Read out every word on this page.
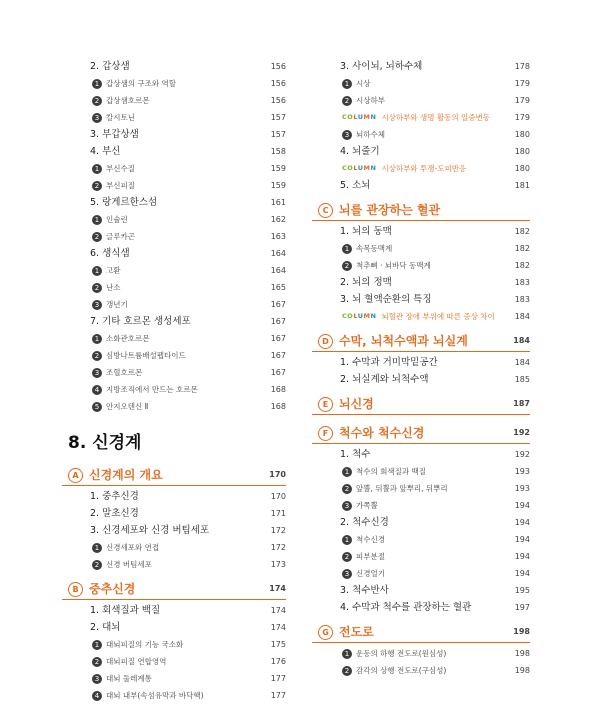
2. 갑상샘	156
1 갑상샘의 구조와 역할	156
2 갑상샘호르몬	156
3 칼시토닌	157
3. 부갑상샘	157
4. 부신	158
1 부신수질	159
2 부신피질	159
5. 랑게르한스섬	161
1 인슐린	162
2 글루카곤	163
6. 생식샘	164
1 고환	164
2 난소	165
3 갱년기	167
7. 기타 호르몬 생성세포	167
1 소화관호르몬	167
2 심방나트륨배설펩타이드	167
3 조혈호르몬	167
4 지방조직에서 만드는 호르몬	168
5 안지오텐신 Ⅱ	168
8. 신경계
A 신경계의 개요	170
1. 중추신경	170
2. 말초신경	171
3. 신경세포와 신경 버팀세포	172
1 신경세포와 연접	172
2 신경 버팀세포	173
B 중추신경	174
1. 회색질과 백질	174
2. 대뇌	174
1 대뇌피질의 기능 국소화	175
2 대뇌피질 연합영역	176
3 대뇌 둘레계통	177
4 대뇌 내부(속섬유막과 바닥핵)	177
3. 사이뇌, 뇌하수체	178
1 시상	179
2 시상하부	179
COLUMN 시상하부와 생명 활동의 일중변동	179
3 뇌하수체	180
4. 뇌줄기	180
COLUMN 시상하부와 투쟁-도피반응	180
5. 소뇌	181
C 뇌를 관장하는 혈관
1. 뇌의 동맥	182
1 속목동맥계	182
2 척추뼈 · 뇌바닥 동맥계	182
2. 뇌의 정맥	183
3. 뇌 혈액순환의 특징	183
COLUMN 뇌혈관 장애 부위에 따른 증상 차이 184
D 수막, 뇌척수액과 뇌실계	184
1. 수막과 거미막밑공간	184
2. 뇌실계와 뇌척수액	185
E 뇌신경	187
F 척수와 척수신경	192
1. 척수	192
1 척수의 회색질과 백질	193
2 앞뿔, 뒤뿔과 앞뿌리, 뒤뿌리	193
3 가쪽뿔	194
2. 척수신경	194
1 척수신경	194
2 피부분절	194
3 신경얼기	194
3. 척수반사	195
4. 수막과 척수를 관장하는 혈관	197
G 전도로	198
1 운동의 하행 전도로(원심성)	198
2 감각의 상행 전도로(구심성)	198
